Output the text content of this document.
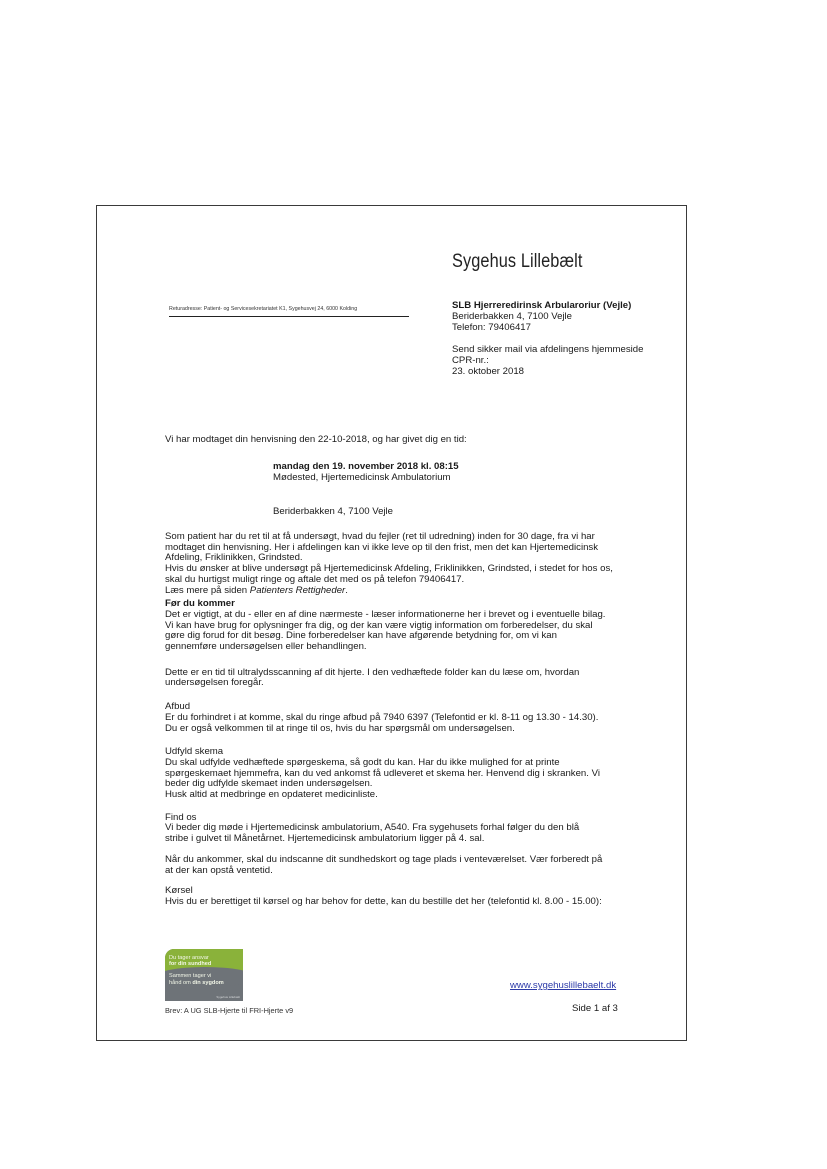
Sygehus Lillebælt
Returadresse: Patient- og Servicesekretariatet K1, Sygehusvej 24, 6000 Kolding	SLB Hjerreredirinsk Arbularoriur (Vejle)
Beriderbakken 4, 7100 Vejle
Telefon: 79406417
Send sikker mail via afdelingens hjemmeside
CPR-nr.:
23. oktober 2018
Vi har modtaget din henvisning den 22-10-2018, og har givet dig en tid:
mandag den 19. november 2018 kl. 08:15
Mødested, Hjertemedicinsk Ambulatorium
Beriderbakken 4, 7100 Vejle
Som patient har du ret til at få undersøgt, hvad du fejler (ret til udredning) inden for 30 dage, fra vi har
modtaget din henvisning. Her i afdelingen kan vi ikke leve op til den frist, men det kan Hjertemedicinsk
Afdeling, Friklinikken, Grindsted.
Hvis du ønsker at blive undersøgt på Hjertemedicinsk Afdeling, Friklinikken, Grindsted, i stedet for hos os,
skal du hurtigst muligt ringe og aftale det med os på telefon 79406417.
Læs mere på siden Patienters Rettigheder.
Før du kommer
Det er vigtigt, at du - eller en af dine nærmeste - læser informationerne her i brevet og i eventuelle bilag.
Vi kan have brug for oplysninger fra dig, og der kan være vigtig information om forberedelser, du skal
gøre dig forud for dit besøg. Dine forberedelser kan have afgørende betydning for, om vi kan
gennemføre undersøgelsen eller behandlingen.
Dette er en tid til ultralydsscanning af dit hjerte. I den vedhæftede folder kan du læse om, hvordan
undersøgelsen foregår.
Afbud
Er du forhindret i at komme, skal du ringe afbud på 7940 6397 (Telefontid er kl. 8-11 og 13.30 - 14.30).
Du er også velkommen til at ringe til os, hvis du har spørgsmål om undersøgelsen.
Udfyld skema
Du skal udfylde vedhæftede spørgeskema, så godt du kan. Har du ikke mulighed for at printe
spørgeskemaet hjemmefra, kan du ved ankomst få udleveret et skema her. Henvend dig i skranken. Vi
beder dig udfylde skemaet inden undersøgelsen.
Husk altid at medbringe en opdateret medicinliste.
Find os
Vi beder dig møde i Hjertemedicinsk ambulatorium, A540. Fra sygehusets forhal følger du den blå
stribe i gulvet til Månetårnet. Hjertemedicinsk ambulatorium ligger på 4. sal.
Når du ankommer, skal du indscanne dit sundhedskort og tage plads i venteværelset. Vær forberedt på
at der kan opstå ventetid.
Kørsel
Hvis du er berettiget til kørsel og har behov for dette, kan du bestille det her (telefontid kl. 8.00 - 15.00):
Du tager ansvar
for din sundhed
Sammen tager vi
hånd om din sygdom
Sygehus Lillebælt
www.sygehuslillebaelt.dk
Side 1 af 3
Brev: A UG SLB-Hjerte til FRI-Hjerte v9
